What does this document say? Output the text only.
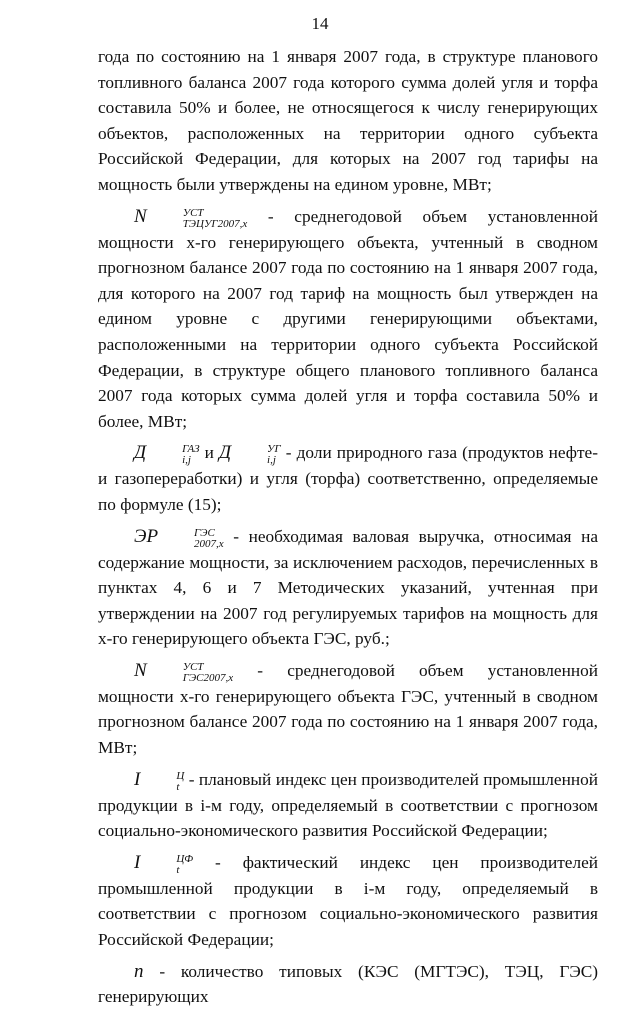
14

года по состоянию на 1 января 2007 года, в структуре планового топливного баланса 2007 года которого сумма долей угля и торфа составила 50% и более, не относящегося к числу генерирующих объектов, расположенных на территории одного субъекта Российской Федерации, для которых на 2007 год тарифы на мощность были утверждены на едином уровне, МВт;

N	УСТ
ТЭЦУГ2007,x - среднегодовой объем установленной мощности х-го генерирующего объекта, учтенный в сводном прогнозном балансе 2007 года по состоянию на 1 января 2007 года, для которого на 2007 год тариф на мощность был утвержден на едином уровне с другими генерирующими объектами, расположенными на территории одного субъекта Российской Федерации, в структуре общего планового топливного баланса 2007 года которых сумма долей угля и торфа составила 50% и более, МВт;

Д	ГАЗ
i,j и Д	УГ
i,j - доли природного газа (продуктов нефте- и газопереработки) и угля (торфа) соответственно, определяемые по формуле (15);

ЭР	ГЭС
2007,x - необходимая валовая выручка, относимая на содержание мощности, за исключением расходов, перечисленных в пунктах 4, 6 и 7 Методических указаний, учтенная при утверждении на 2007 год регулируемых тарифов на мощность для х-го генерирующего объекта ГЭС, руб.;

N	УСТ
ГЭС2007,x - среднегодовой объем установленной мощности х-го генерирующего объекта ГЭС, учтенный в сводном прогнозном балансе 2007 года по состоянию на 1 января 2007 года, МВт;

I	Ц
t - плановый индекс цен производителей промышленной продукции в i-м году, определяемый в соответствии с прогнозом социально-экономического развития Российской Федерации;

I	ЦФ
t	- фактический индекс цен производителей промышленной продукции в i-м году, определяемый в соответствии с прогнозом социально-экономического развития Российской Федерации;

n - количество типовых (КЭС (МГТЭС), ТЭЦ, ГЭС) генерирующих
